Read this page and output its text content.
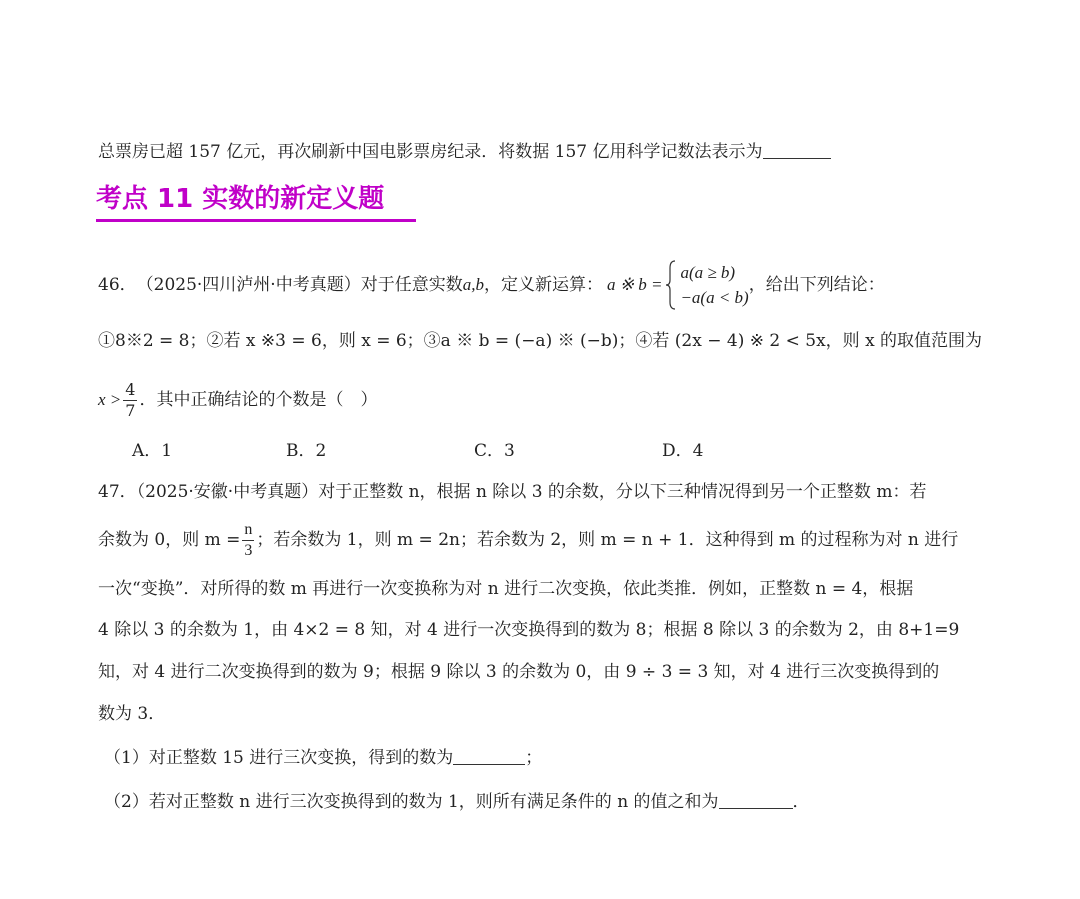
总票房已超 157 亿元，再次刷新中国电影票房纪录．将数据 157 亿用科学记数法表示为
考点 11 实数的新定义题
46． （2025·四川泸州·中考真题） 对于任意实数 a,b ，定义新运算： a ※ b =
a(a ≥ b)
−a(a < b)
，给出下列结论：
①8※2 = 8；②若 x ※3 = 6，则 x = 6；③a ※ b = (−a) ※ (−b)；④若 (2x − 4) ※ 2 < 5x，则 x 的取值范围为
$x > \frac{4}{7}$ ．其中正确结论的个数是（　）
A．1	B．2	C．3	D．4
47．（2025·安徽·中考真题）对于正整数 n，根据 n 除以 3 的余数，分以下三种情况得到另一个正整数 m：若
余数为 0，则 $m = \frac{n}{3}$ ；若余数为 1，则 m = 2n；若余数为 2，则 m = n + 1．这种得到 m 的过程称为对 n 进行
一次“变换”．对所得的数 m 再进行一次变换称为对 n 进行二次变换，依此类推．例如，正整数 n = 4，根据
4 除以 3 的余数为 1，由 4×2 = 8 知，对 4 进行一次变换得到的数为 8；根据 8 除以 3 的余数为 2，由 8+1=9
知，对 4 进行二次变换得到的数为 9；根据 9 除以 3 的余数为 0，由 9 ÷ 3 = 3 知，对 4 进行三次变换得到的
数为 3．
（1）对正整数 15 进行三次变换，得到的数为	；
（2）若对正整数 n 进行三次变换得到的数为 1，则所有满足条件的 n 的值之和为	．
